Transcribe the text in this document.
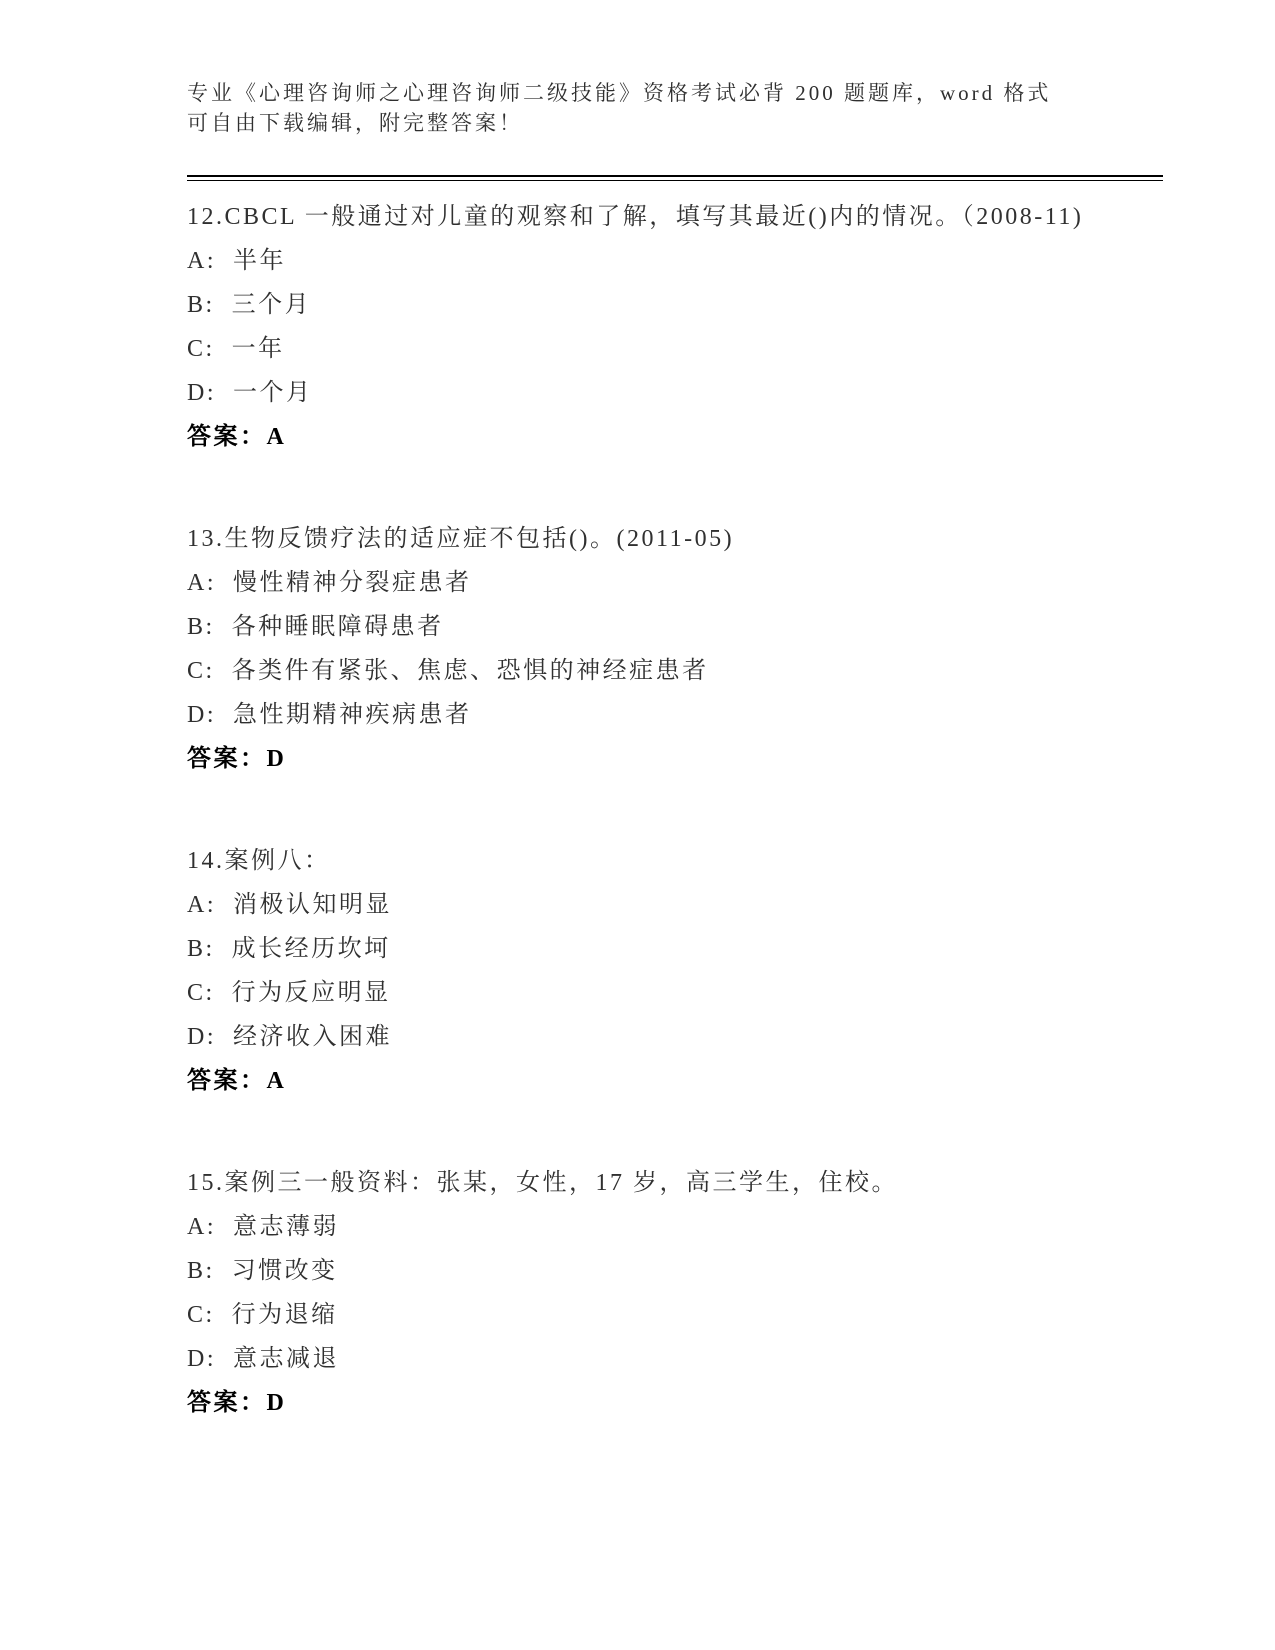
专业《心理咨询师之心理咨询师二级技能》资格考试必背 200 题题库，word 格式
可自由下载编辑，附完整答案！

12.CBCL 一般通过对儿童的观察和了解，填写其最近()内的情况。（2008-11)

A:  半年

B:  三个月

C:  一年

D:  一个月

答案：A

13.生物反馈疗法的适应症不包括()。(2011-05)

A:  慢性精神分裂症患者

B:  各种睡眠障碍患者

C:  各类件有紧张、焦虑、恐惧的神经症患者

D:  急性期精神疾病患者

答案：D

14.案例八：

A:  消极认知明显

B:  成长经历坎坷

C:  行为反应明显

D:  经济收入困难

答案：A

15.案例三一般资料：张某，女性，17 岁，高三学生，住校。

A:  意志薄弱

B:  习惯改变

C:  行为退缩

D:  意志减退

答案：D
